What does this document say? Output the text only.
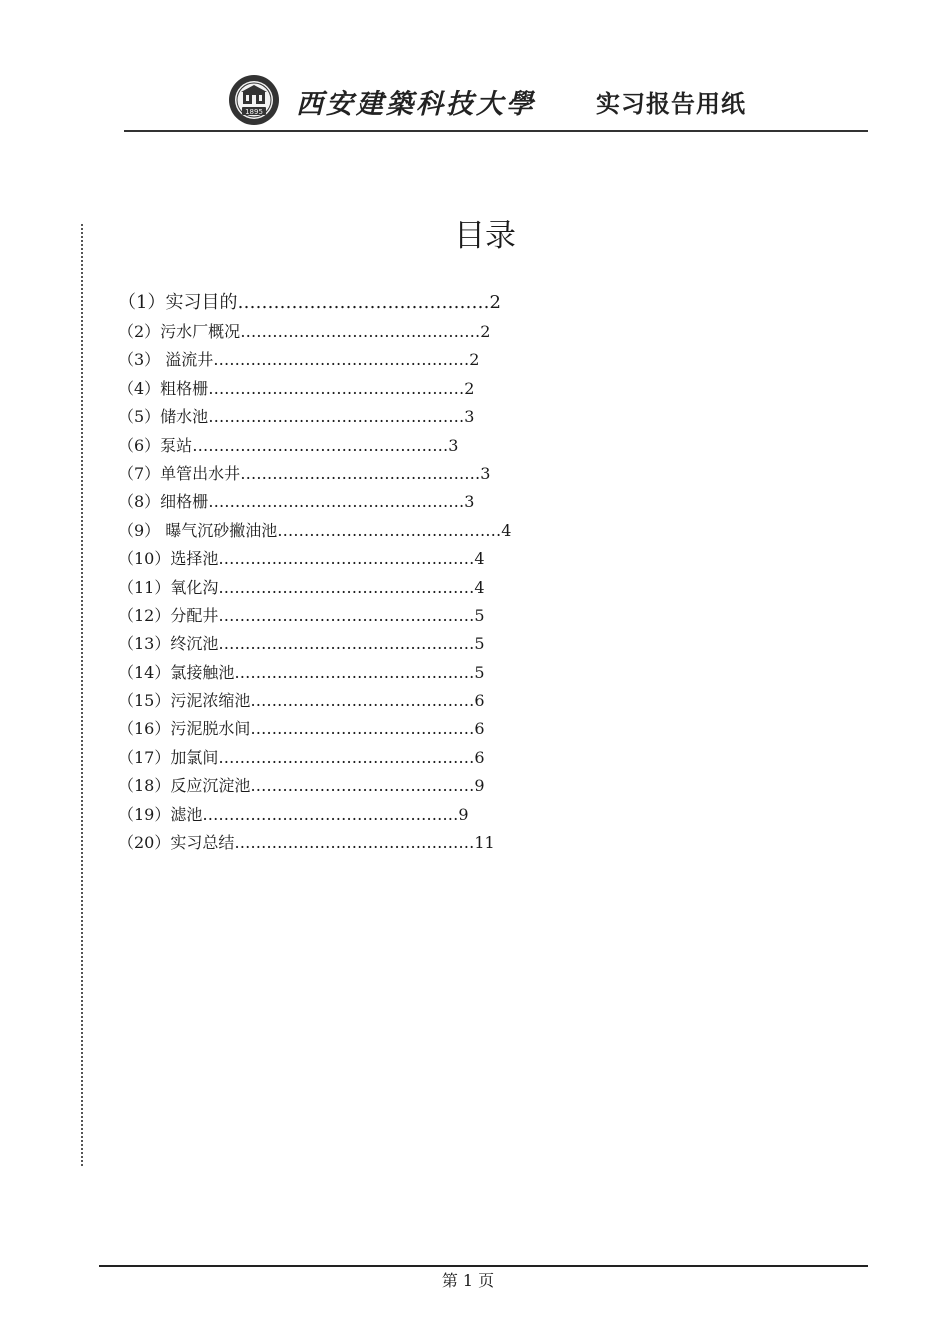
1895 西安建築科技大學	实习报告用纸
目录
（1）实习目的……………………………………2
（2）污水厂概况………………………………………2
（3） 溢流井…………………………………………2
（4）粗格栅…………………………………………2
（5）储水池…………………………………………3
（6）泵站…………………………………………3
（7）单管出水井………………………………………3
（8）细格栅…………………………………………3
（9） 曝气沉砂撇油池……………………………………4
（10）选择池…………………………………………4
（11）氧化沟…………………………………………4
（12）分配井…………………………………………5
（13）终沉池…………………………………………5
（14）氯接触池………………………………………5
（15）污泥浓缩池……………………………………6
（16）污泥脱水间……………………………………6
（17）加氯间…………………………………………6
（18）反应沉淀池……………………………………9
（19）滤池…………………………………………9
（20）实习总结………………………………………11
第 1 页
